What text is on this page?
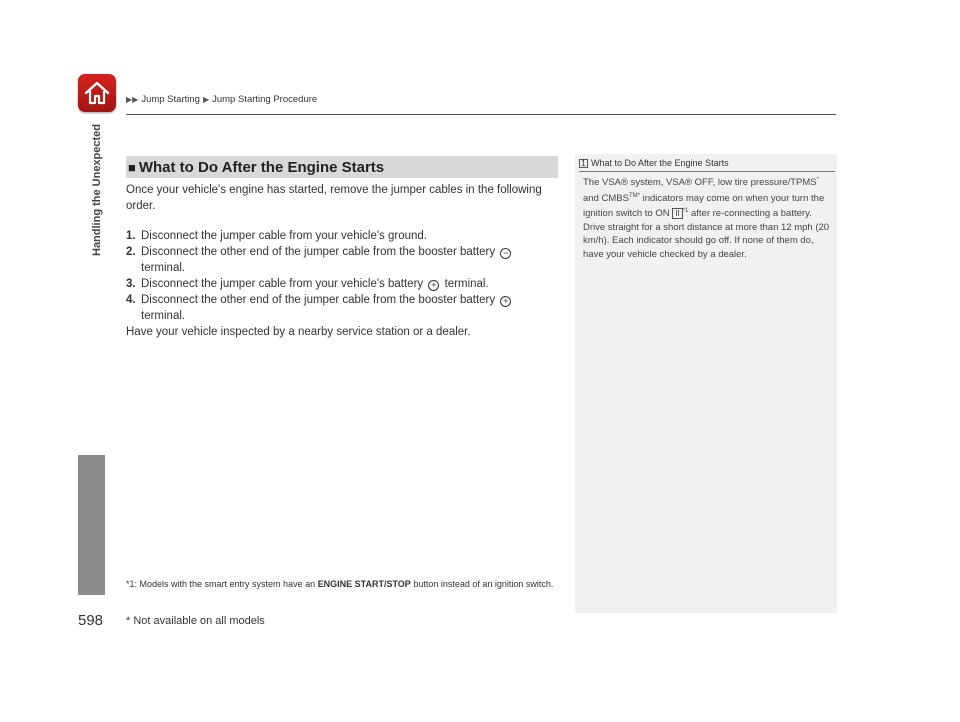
▶▶ Jump Starting ▶ Jump Starting Procedure
Handling the Unexpected
598
■ What to Do After the Engine Starts

Once your vehicle's engine has started, remove the jumper cables in the following order.

1. Disconnect the jumper cable from your vehicle's ground.
2. Disconnect the other end of the jumper cable from the booster battery −
terminal.
3. Disconnect the jumper cable from your vehicle's battery + terminal.
4. Disconnect the other end of the jumper cable from the booster battery +
terminal.

Have your vehicle inspected by a nearby service station or a dealer.

*1: Models with the smart entry system have an ENGINE START/STOP button instead of an ignition switch.
* Not available on all models
1 What to Do After the Engine Starts

The VSA® system, VSA® OFF, low tire pressure/TPMS* and $CMBS^{TM*}$ indicators may come on when your turn the ignition switch to ON II $^{*1}$ after re-connecting a battery.

Drive straight for a short distance at more than 12 mph (20 km/h). Each indicator should go off. If none of them do, have your vehicle checked by a dealer.
